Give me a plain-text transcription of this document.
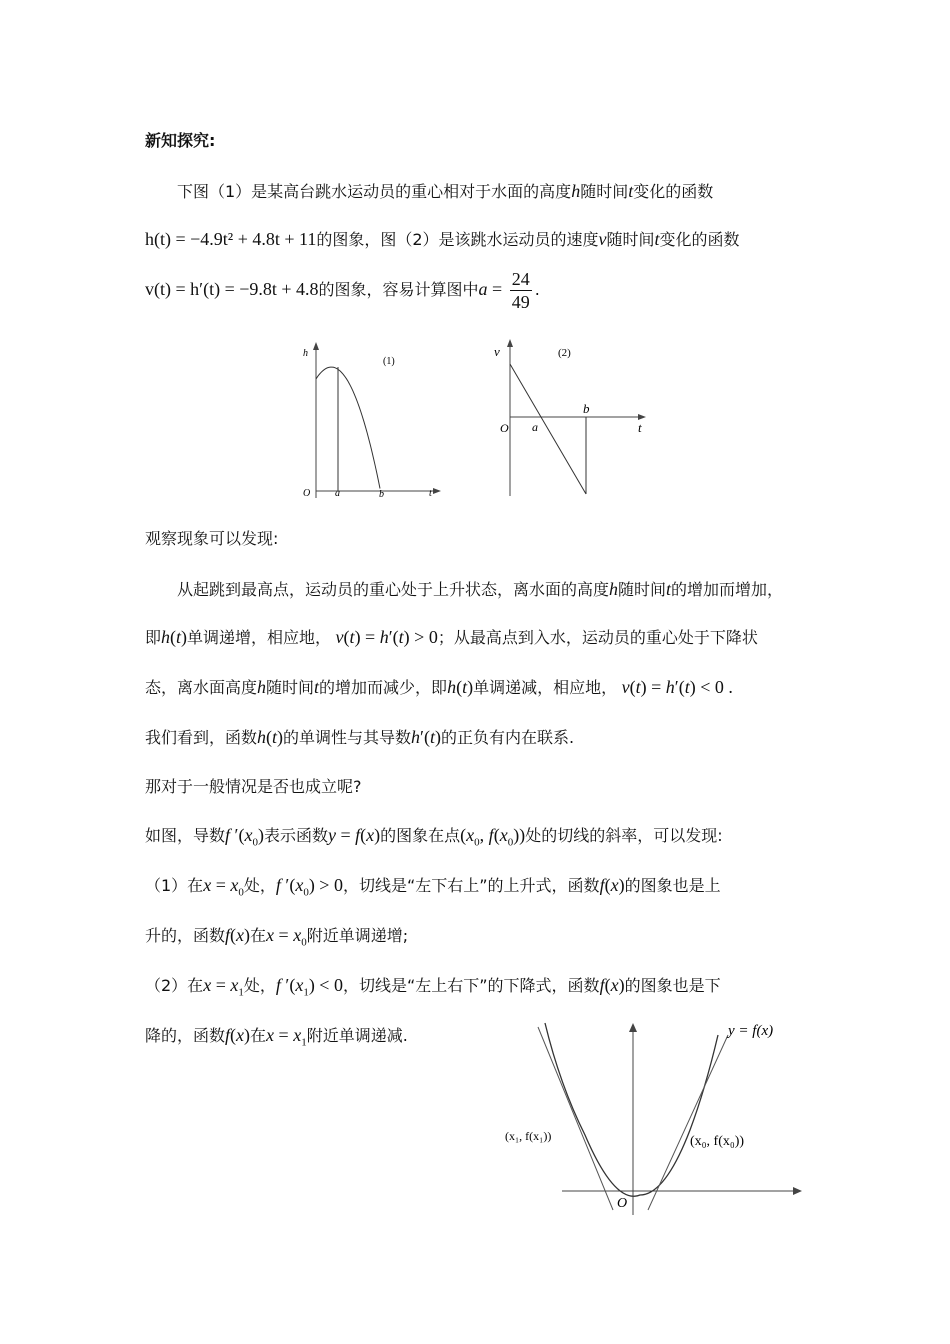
新知探究:
下图（1）是某高台跳水运动员的重心相对于水面的高度h随时间t变化的函数
h(t) = −4.9t² + 4.8t + 11的图象，图（2）是该跳水运动员的速度v随时间t变化的函数
v(t) = h′(t) = −9.8t + 4.8的图象，容易计算图中$a = \frac{24}{49}$ .
h
(1)
O a	b	t
v	(2)
O a
b
t
观察现象可以发现:
从起跳到最高点，运动员的重心处于上升状态，离水面的高度h随时间t的增加而增加，
即h(t)单调递增，相应地， v(t) = h′(t) > 0；从最高点到入水，运动员的重心处于下降状
态，离水面高度h随时间t的增加而减少，即h(t)单调递减，相应地， v(t) = h′(t) < 0 .
我们看到，函数h(t)的单调性与其导数h′(t)的正负有内在联系.
那对于一般情况是否也成立呢?
如图，导数f $'(x_0)$表示函数y = f(x)的图象在点($x_0$, $f(x_0)$)处的切线的斜率，可以发现:
（1）在$x = x_0$处，f $'(x_0) > 0$，切线是“左下右上”的上升式，函数f(x)的图象也是上
升的，函数f(x)在$x = x_0$附近单调递增;
（2）在$x = x_1$处，f $'(x_1) < 0$，切线是“左上右下”的下降式，函数f(x)的图象也是下
降的，函数f(x)在$x = x_1$附近单调递减.	y = f(x)
(x₁, f(x₁))	(x₀, f(x₀))
O
